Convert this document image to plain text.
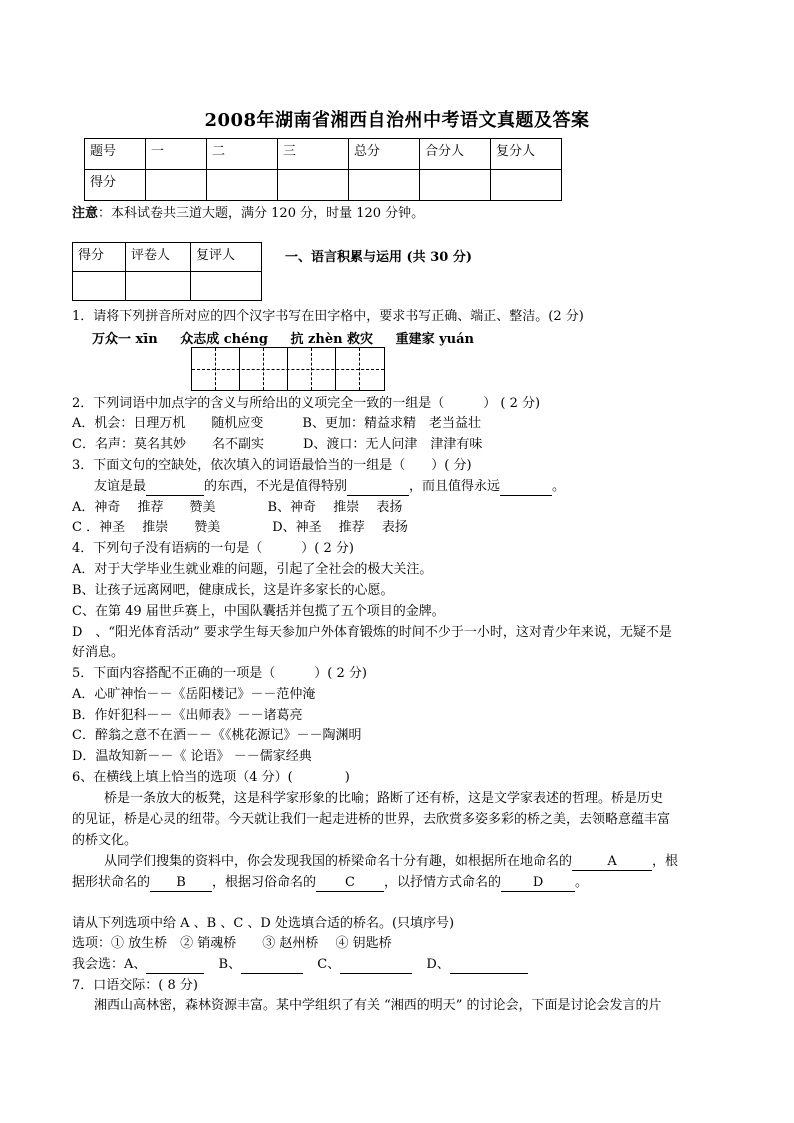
2008年湖南省湘西自治州中考语文真题及答案
题号	一	二	三	总分	合分人	复分人
得分						
注意：本科试卷共三道大题，满分 120 分，时量 120 分钟。
得分	评卷人	复评人
			一、语言积累与运用 (共 30 分)
1．请将下列拼音所对应的四个汉字书写在田字格中，要求书写正确、端正、整洁。(2 分)
万众一 xīn 众志成 chéng 抗 zhèn 救灾 重建家 yuán
2．下列词语中加点字的含义与所给出的义项完全一致的一组是（　　　） ( 2 分)
A．机会：日理万机　　随机应变　　　B、更加：精益求精　老当益壮
C．名声：莫名其妙　　名不副实　　　D、渡口：无人问津　津津有味
3．下面文句的空缺处，依次填入的词语最恰当的一组是（　　）( 分)
友谊是最	的东西，不光是值得特别	，而且值得永远	。
A．神奇　 推荐　　赞美　　　　B、神奇　 推崇　 表扬
C ．神圣　 推崇　　赞美　　　　D、神圣　 推荐　 表扬
4．下列句子没有语病的一句是（　　　）( 2 分)
A．对于大学毕业生就业难的问题，引起了全社会的极大关注。
B、让孩子远离网吧，健康成长，这是许多家长的心愿。
C、在第 49 届世乒赛上，中国队囊括并包揽了五个项目的金牌。
D　、“阳光体育活动” 要求学生每天参加户外体育锻炼的时间不少于一小时，这对青少年来说，无疑不是
好消息。
5．下面内容搭配不正确的一项是（　　　）( 2 分)
A．心旷神怡－－《岳阳楼记》－－范仲淹
B．作奸犯科－－《出师表》－－诸葛亮
C．醉翁之意不在酒－－《《桃花源记》－－陶渊明
D．温故知新－－《 论语》 －－儒家经典
6、在横线上填上恰当的选项（4 分）(　　　　)
桥是一条放大的板凳，这是科学家形象的比喻；路断了还有桥，这是文学家表述的哲理。桥是历史
的见证，桥是心灵的纽带。今天就让我们一起走进桥的世界，去欣赏多姿多彩的桥之美，去领略意蕴丰富
的桥文化。
从同学们搜集的资料中，你会发现我国的桥梁命名十分有趣，如根据所在地命名的	A	，根
据形状命名的 B ，根据习俗命名的 C ，以抒情方式命名的 D 。
请从下列选项中给 A 、B 、C 、D 处选填合适的桥名。(只填序号)
选项：① 放生桥　② 销魂桥　　③ 赵州桥　 ④ 钥匙桥
我会选：A、	B、	C、	D、
7．口语交际：( 8 分)
湘西山高林密，森林资源丰富。某中学组织了有关 “湘西的明天” 的讨论会，下面是讨论会发言的片
